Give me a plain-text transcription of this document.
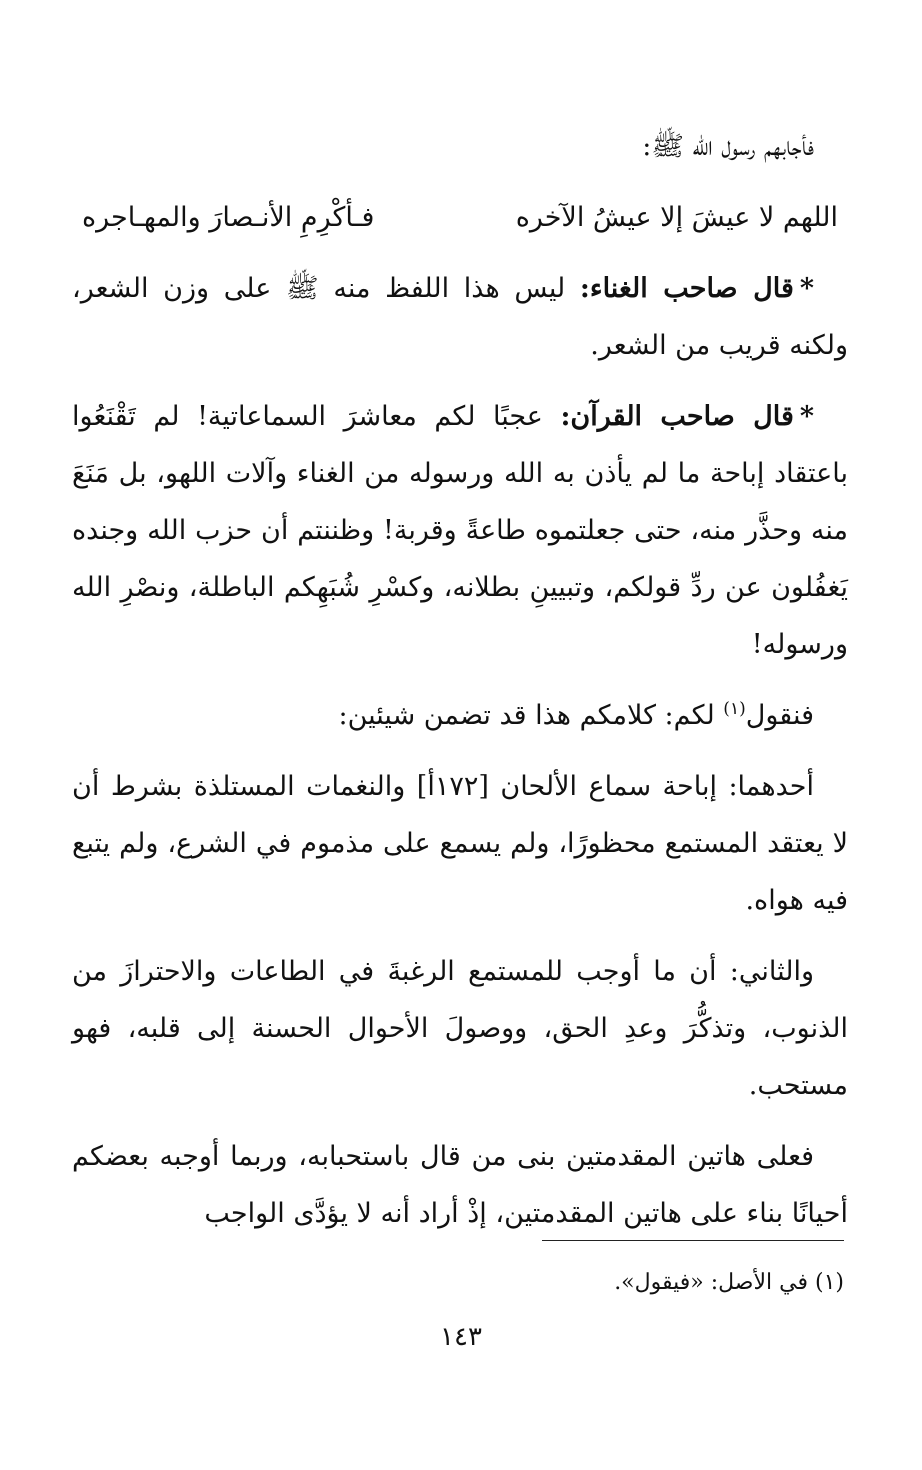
فأجابهم رسول الله ﷺ:

اللهم لا عيشَ إلا عيشُ الآخره
فـأكْرِمِ الأنـصارَ والمهـاجره

*قال صاحب الغناء: ليس هذا اللفظ منه ﷺ على وزن الشعر، ولكنه قريب من الشعر.

*قال صاحب القرآن: عجبًا لكم معاشرَ السماعاتية! لم تَقْنَعُوا باعتقاد إباحة ما لم يأذن به الله ورسوله من الغناء وآلات اللهو، بل مَنَعَ منه وحذَّر منه، حتى جعلتموه طاعةً وقربة! وظننتم أن حزب الله وجنده يَغفُلون عن ردِّ قولكم، وتبيينِ بطلانه، وكسْرِ شُبَهِكم الباطلة، ونصْرِ الله ورسوله!

فنقول$^{(١)}$ لكم: كلامكم هذا قد تضمن شيئين:

أحدهما: إباحة سماع الألحان [١٧٢أ] والنغمات المستلذة بشرط أن لا يعتقد المستمع محظورًا، ولم يسمع على مذموم في الشرع، ولم يتبع فيه هواه.

والثاني: أن ما أوجب للمستمع الرغبةَ في الطاعات والاحترازَ من الذنوب، وتذكُّرَ وعدِ الحق، ووصولَ الأحوال الحسنة إلى قلبه، فهو مستحب.

فعلى هاتين المقدمتين بنى من قال باستحبابه، وربما أوجبه بعضكم أحيانًا بناء على هاتين المقدمتين، إذْ أراد أنه لا يؤدَّى الواجب

(١) في الأصل: «فيقول».
١٤٣
